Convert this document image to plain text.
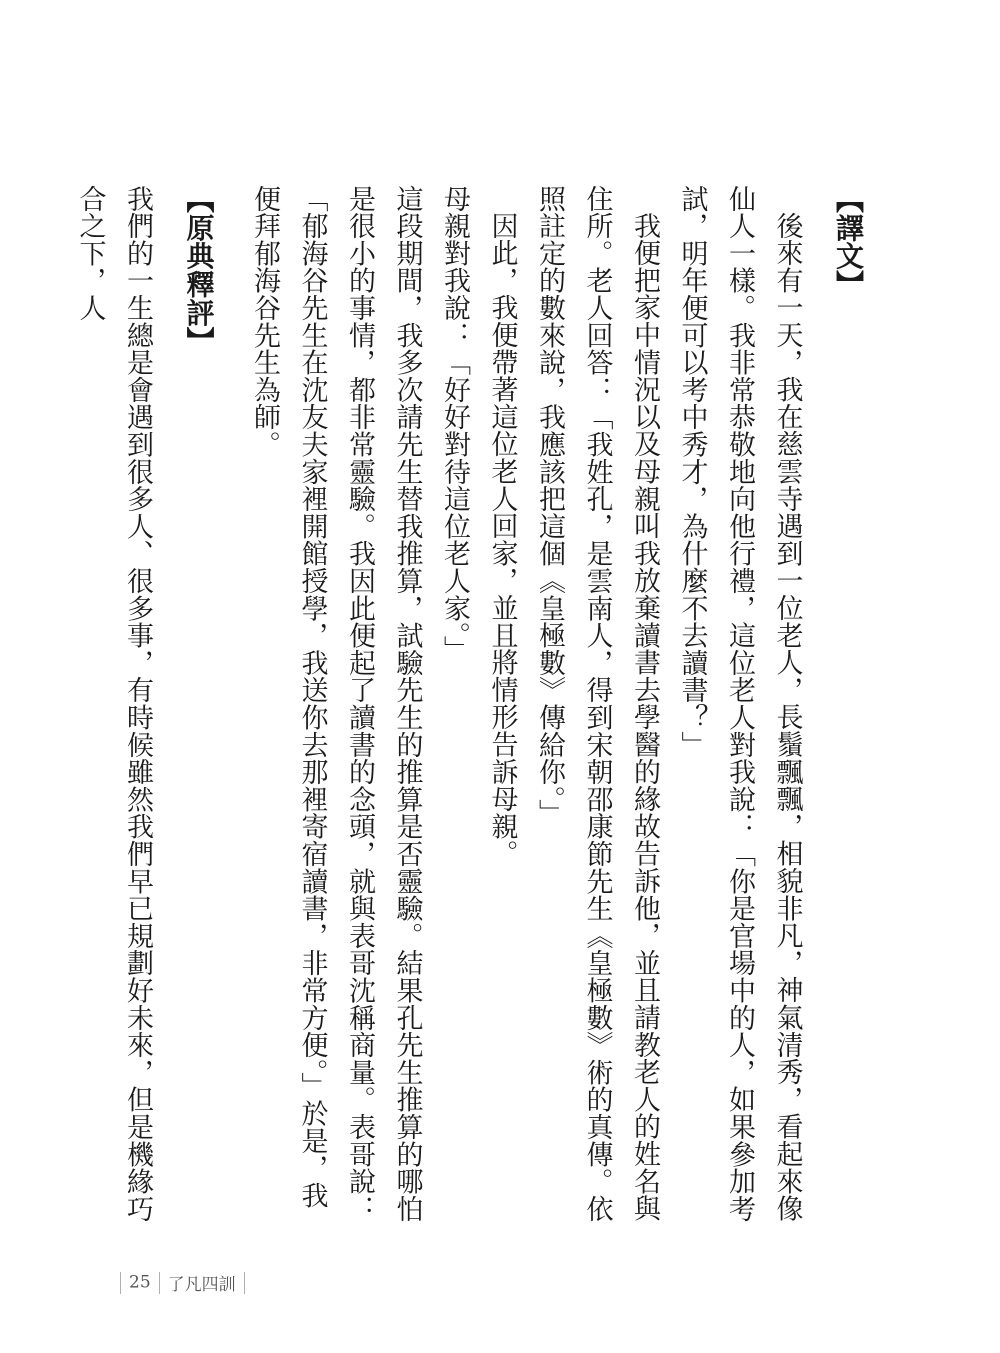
【譯文】

後來有一天，我在慈雲寺遇到一位老人，長鬚飄飄，相貌非凡，神氣清秀，看起來像仙人一樣。我非常恭敬地向他行禮，這位老人對我說：「你是官場中的人，如果參加考試，明年便可以考中秀才，為什麼不去讀書？」

我便把家中情況以及母親叫我放棄讀書去學醫的緣故告訴他，並且請教老人的姓名與住所。老人回答：「我姓孔，是雲南人，得到宋朝邵康節先生《皇極數》術的真傳。依照註定的數來說，我應該把這個《皇極數》傳給你。」

因此，我便帶著這位老人回家，並且將情形告訴母親。

母親對我說：「好好對待這位老人家。」

這段期間，我多次請先生替我推算，試驗先生的推算是否靈驗。結果孔先生推算的哪怕是很小的事情，都非常靈驗。我因此便起了讀書的念頭，就與表哥沈稱商量。表哥說：「郁海谷先生在沈友夫家裡開館授學，我送你去那裡寄宿讀書，非常方便。」於是，我便拜郁海谷先生為師。

【原典釋評】

我們的一生總是會遇到很多人、很多事，有時候雖然我們早已規劃好未來，但是機緣巧合之下，人

25 了凡四訓
